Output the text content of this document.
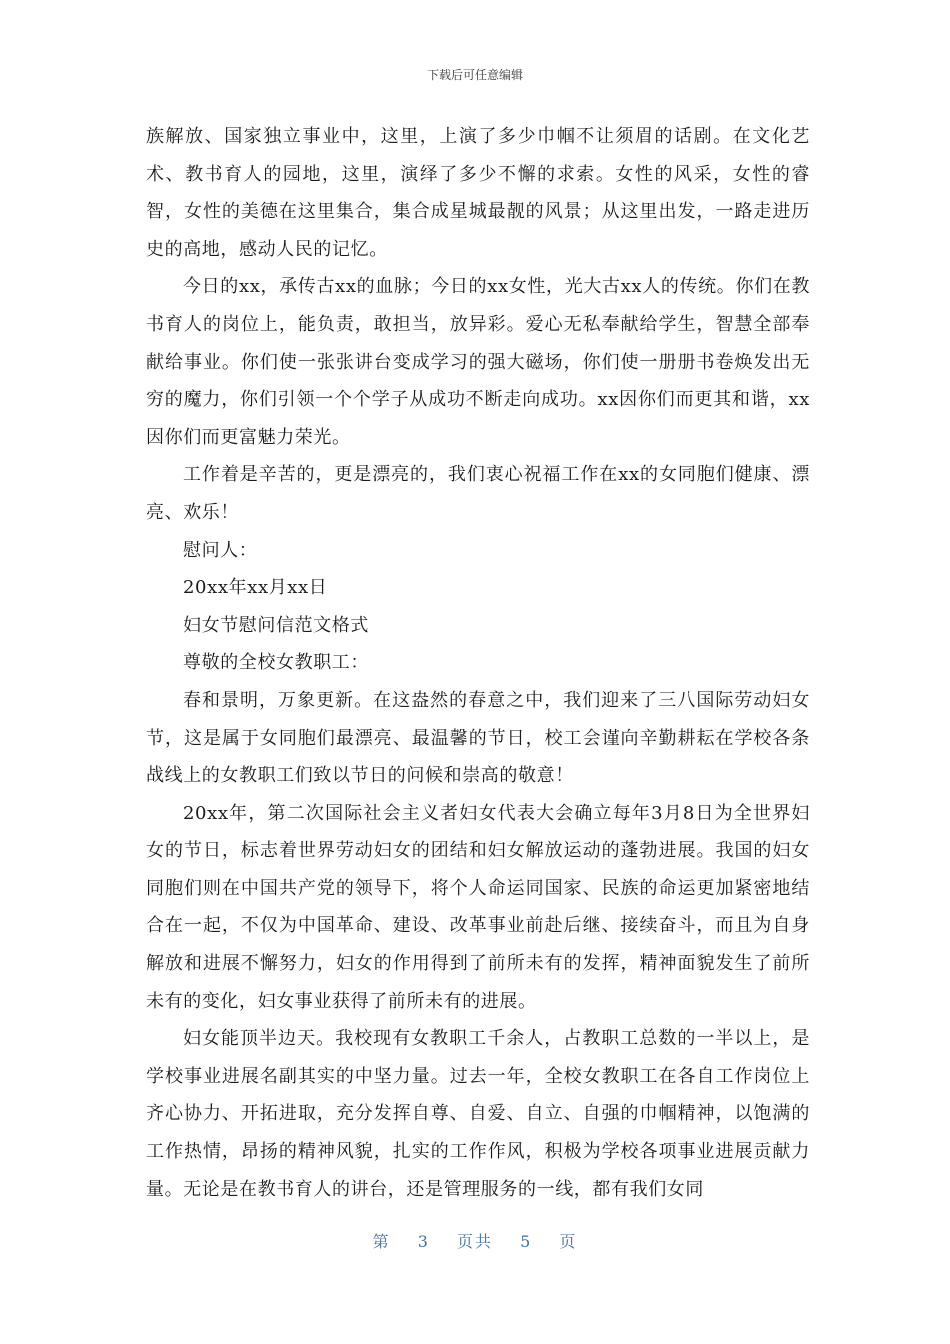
下载后可任意编辑

族解放、国家独立事业中，这里，上演了多少巾帼不让须眉的话剧。在文化艺术、教书育人的园地，这里，演绎了多少不懈的求索。女性的风采，女性的睿智，女性的美德在这里集合，集合成星城最靓的风景；从这里出发，一路走进历史的高地，感动人民的记忆。

今日的xx，承传古xx的血脉；今日的xx女性，光大古xx人的传统。你们在教书育人的岗位上，能负责，敢担当，放异彩。爱心无私奉献给学生，智慧全部奉献给事业。你们使一张张讲台变成学习的强大磁场，你们使一册册书卷焕发出无穷的魔力，你们引领一个个学子从成功不断走向成功。xx因你们而更其和谐，xx因你们而更富魅力荣光。

工作着是辛苦的，更是漂亮的，我们衷心祝福工作在xx的女同胞们健康、漂亮、欢乐！

慰问人：

20xx年xx月xx日

妇女节慰问信范文格式

尊敬的全校女教职工：

春和景明，万象更新。在这盎然的春意之中，我们迎来了三八国际劳动妇女节，这是属于女同胞们最漂亮、最温馨的节日，校工会谨向辛勤耕耘在学校各条战线上的女教职工们致以节日的问候和崇高的敬意！

20xx年，第二次国际社会主义者妇女代表大会确立每年3月8日为全世界妇女的节日，标志着世界劳动妇女的团结和妇女解放运动的蓬勃进展。我国的妇女同胞们则在中国共产党的领导下，将个人命运同国家、民族的命运更加紧密地结合在一起，不仅为中国革命、建设、改革事业前赴后继、接续奋斗，而且为自身解放和进展不懈努力，妇女的作用得到了前所未有的发挥，精神面貌发生了前所未有的变化，妇女事业获得了前所未有的进展。

妇女能顶半边天。我校现有女教职工千余人，占教职工总数的一半以上，是学校事业进展名副其实的中坚力量。过去一年，全校女教职工在各自工作岗位上齐心协力、开拓进取，充分发挥自尊、自爱、自立、自强的巾帼精神，以饱满的工作热情，昂扬的精神风貌，扎实的工作作风，积极为学校各项事业进展贡献力量。无论是在教书育人的讲台，还是管理服务的一线，都有我们女同

第 3 页共 5 页
